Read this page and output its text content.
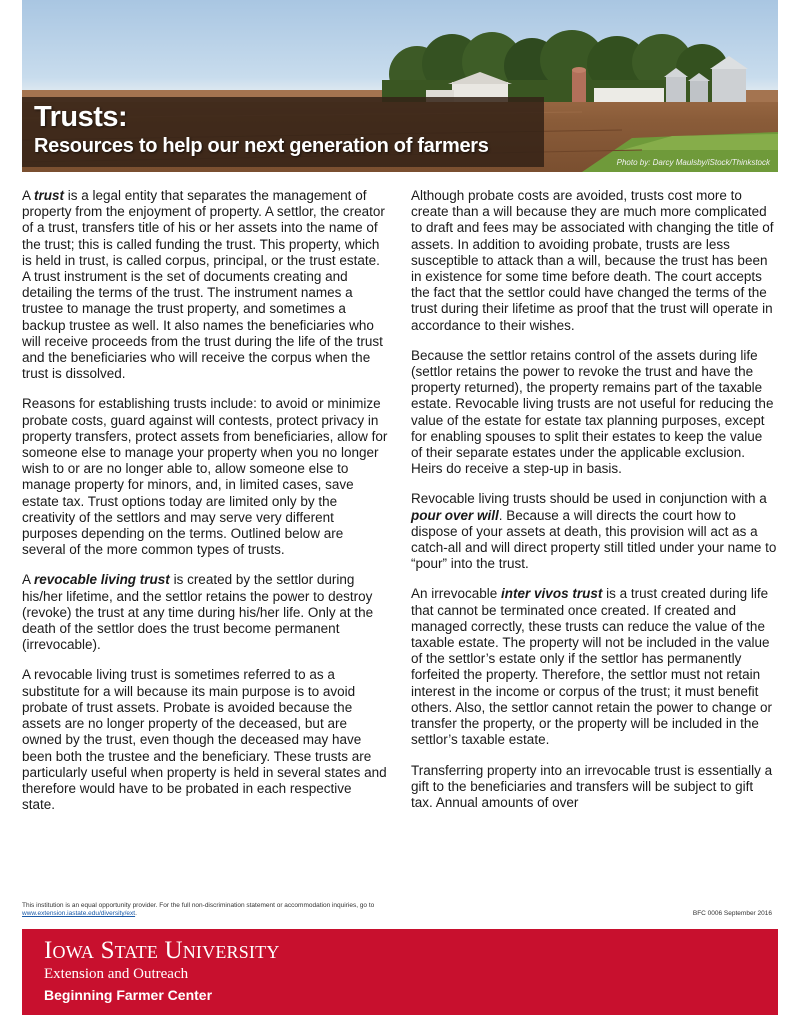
Trusts:
Resources to help our next generation of farmers
Photo by: Darcy Maulsby/iStock/Thinkstock

A trust is a legal entity that separates the management of property from the enjoyment of property. A settlor, the creator of a trust, transfers title of his or her assets into the name of the trust; this is called funding the trust. This property, which is held in trust, is called corpus, principal, or the trust estate. A trust instrument is the set of documents creating and detailing the terms of the trust. The instrument names a trustee to manage the trust property, and sometimes a backup trustee as well. It also names the beneficiaries who will receive proceeds from the trust during the life of the trust and the beneficiaries who will receive the corpus when the trust is dissolved.

Reasons for establishing trusts include: to avoid or minimize probate costs, guard against will contests, protect privacy in property transfers, protect assets from beneficiaries, allow for someone else to manage your property when you no longer wish to or are no longer able to, allow someone else to manage property for minors, and, in limited cases, save estate tax. Trust options today are limited only by the creativity of the settlors and may serve very different purposes depending on the terms. Outlined below are several of the more common types of trusts.

A revocable living trust is created by the settlor during his/her lifetime, and the settlor retains the power to destroy (revoke) the trust at any time during his/her life. Only at the death of the settlor does the trust become permanent (irrevocable).

A revocable living trust is sometimes referred to as a substitute for a will because its main purpose is to avoid probate of trust assets. Probate is avoided because the assets are no longer property of the deceased, but are owned by the trust, even though the deceased may have been both the trustee and the beneficiary. These trusts are particularly useful when property is held in several states and therefore would have to be probated in each respective state.

Although probate costs are avoided, trusts cost more to create than a will because they are much more complicated to draft and fees may be associated with changing the title of assets. In addition to avoiding probate, trusts are less susceptible to attack than a will, because the trust has been in existence for some time before death. The court accepts the fact that the settlor could have changed the terms of the trust during their lifetime as proof that the trust will operate in accordance to their wishes.

Because the settlor retains control of the assets during life (settlor retains the power to revoke the trust and have the property returned), the property remains part of the taxable estate. Revocable living trusts are not useful for reducing the value of the estate for estate tax planning purposes, except for enabling spouses to split their estates to keep the value of their separate estates under the applicable exclusion. Heirs do receive a step-up in basis.

Revocable living trusts should be used in conjunction with a pour over will. Because a will directs the court how to dispose of your assets at death, this provision will act as a catch-all and will direct property still titled under your name to “pour” into the trust.

An irrevocable inter vivos trust is a trust created during life that cannot be terminated once created. If created and managed correctly, these trusts can reduce the value of the taxable estate. The property will not be included in the value of the settlor’s estate only if the settlor has permanently forfeited the property. Therefore, the settlor must not retain interest in the income or corpus of the trust; it must benefit others. Also, the settlor cannot retain the power to change or transfer the property, or the property will be included in the settlor’s taxable estate.

Transferring property into an irrevocable trust is essentially a gift to the beneficiaries and transfers will be subject to gift tax. Annual amounts of over

This institution is an equal opportunity provider. For the full non-discrimination statement or accommodation inquiries, go to www.extension.iastate.edu/diversity/ext.	BFC 0006 September 2016
Iowa State University
Extension and Outreach
Beginning Farmer Center
